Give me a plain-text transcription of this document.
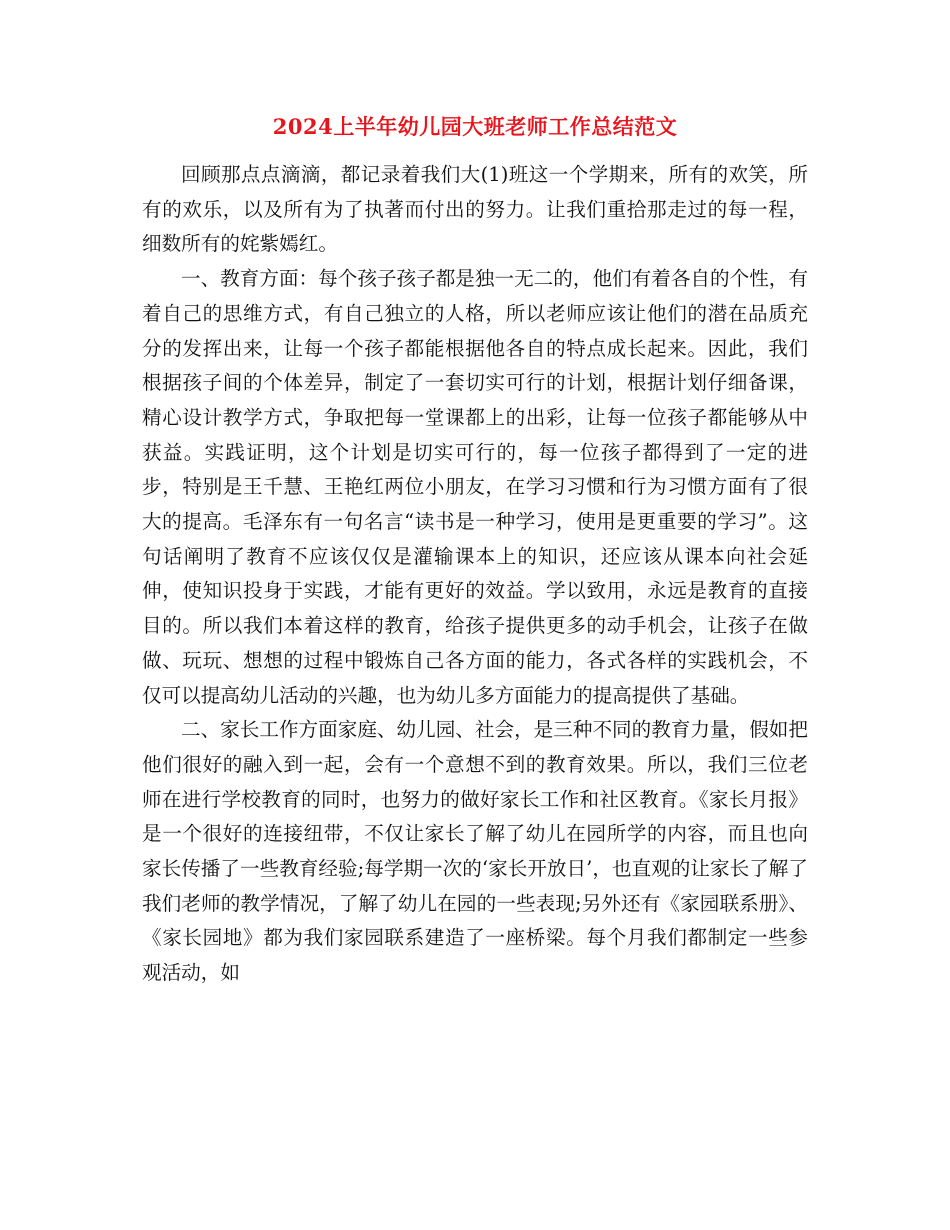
2024上半年幼儿园大班老师工作总结范文

回顾那点点滴滴，都记录着我们大(1)班这一个学期来，所有的欢笑，所有的欢乐，以及所有为了执著而付出的努力。让我们重拾那走过的每一程，细数所有的姹紫嫣红。

一、教育方面：每个孩子孩子都是独一无二的，他们有着各自的个性，有着自己的思维方式，有自己独立的人格，所以老师应该让他们的潜在品质充分的发挥出来，让每一个孩子都能根据他各自的特点成长起来。因此，我们根据孩子间的个体差异，制定了一套切实可行的计划，根据计划仔细备课，精心设计教学方式，争取把每一堂课都上的出彩，让每一位孩子都能够从中获益。实践证明，这个计划是切实可行的，每一位孩子都得到了一定的进步，特别是王千慧、王艳红两位小朋友，在学习习惯和行为习惯方面有了很大的提高。毛泽东有一句名言“读书是一种学习，使用是更重要的学习”。这句话阐明了教育不应该仅仅是灌输课本上的知识，还应该从课本向社会延伸，使知识投身于实践，才能有更好的效益。学以致用，永远是教育的直接目的。所以我们本着这样的教育，给孩子提供更多的动手机会，让孩子在做做、玩玩、想想的过程中锻炼自己各方面的能力，各式各样的实践机会，不仅可以提高幼儿活动的兴趣，也为幼儿多方面能力的提高提供了基础。

二、家长工作方面家庭、幼儿园、社会，是三种不同的教育力量，假如把他们很好的融入到一起，会有一个意想不到的教育效果。所以，我们三位老师在进行学校教育的同时，也努力的做好家长工作和社区教育。《家长月报》是一个很好的连接纽带，不仅让家长了解了幼儿在园所学的内容，而且也向家长传播了一些教育经验;每学期一次的‘家长开放日’，也直观的让家长了解了我们老师的教学情况，了解了幼儿在园的一些表现;另外还有《家园联系册》、《家长园地》都为我们家园联系建造了一座桥梁。每个月我们都制定一些参观活动，如
